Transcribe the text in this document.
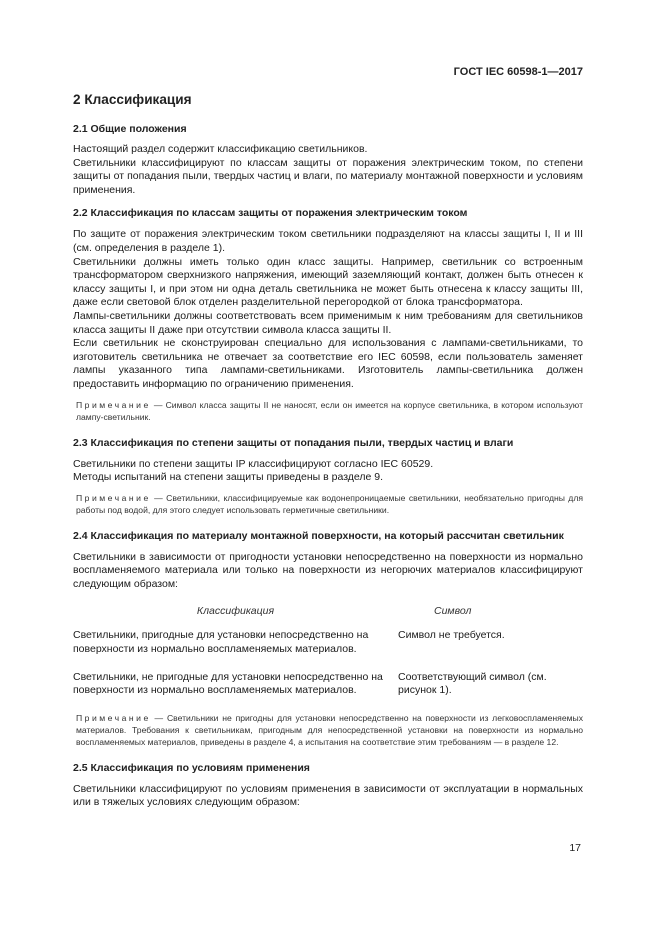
ГОСТ IEC 60598-1—2017
2 Классификация
2.1 Общие положения

Настоящий раздел содержит классификацию светильников.

Светильники классифицируют по классам защиты от поражения электрическим током, по степени защиты от попадания пыли, твердых частиц и влаги, по материалу монтажной поверхности и условиям применения.

2.2 Классификация по классам защиты от поражения электрическим током

По защите от поражения электрическим током светильники подразделяют на классы защиты I, II и III (см. определения в разделе 1).

Светильники должны иметь только один класс защиты. Например, светильник со встроенным трансформатором сверхнизкого напряжения, имеющий заземляющий контакт, должен быть отнесен к классу защиты I, и при этом ни одна деталь светильника не может быть отнесена к классу защиты III, даже если световой блок отделен разделительной перегородкой от блока трансформатора.

Лампы-светильники должны соответствовать всем применимым к ним требованиям для светильников класса защиты II даже при отсутствии символа класса защиты II.

Если светильник не сконструирован специально для использования с лампами-светильниками, то изготовитель светильника не отвечает за соответствие его IEC 60598, если пользователь заменяет лампы указанного типа лампами-светильниками. Изготовитель лампы-светильника должен предоставить информацию по ограничению применения.

Примечание — Символ класса защиты II не наносят, если он имеется на корпусе светильника, в котором используют лампу-светильник.
2.3 Классификация по степени защиты от попадания пыли, твердых частиц и влаги

Светильники по степени защиты IP классифицируют согласно IEC 60529.

Методы испытаний на степени защиты приведены в разделе 9.

Примечание — Светильники, классифицируемые как водонепроницаемые светильники, необязательно пригодны для работы под водой, для этого следует использовать герметичные светильники.
2.4 Классификация по материалу монтажной поверхности, на который рассчитан светильник

Светильники в зависимости от пригодности установки непосредственно на поверхности из нормально воспламеняемого материала или только на поверхности из негорючих материалов классифицируют следующим образом:

Классификация	Символ
Светильники, пригодные для установки непосредственно на поверхности из нормально воспламеняемых материалов.
Символ не требуется.
Светильники, не пригодные для установки непосредственно на поверхности из нормально воспламеняемых материалов.
Соответствующий символ (см. рисунок 1).
Примечание — Светильники не пригодны для установки непосредственно на поверхности из легковоспламеняемых материалов. Требования к светильникам, пригодным для непосредственной установки на поверхности из нормально воспламеняемых материалов, приведены в разделе 4, а испытания на соответствие этим требованиям — в разделе 12.
2.5 Классификация по условиям применения

Светильники классифицируют по условиям применения в зависимости от эксплуатации в нормальных или в тяжелых условиях следующим образом:

17
